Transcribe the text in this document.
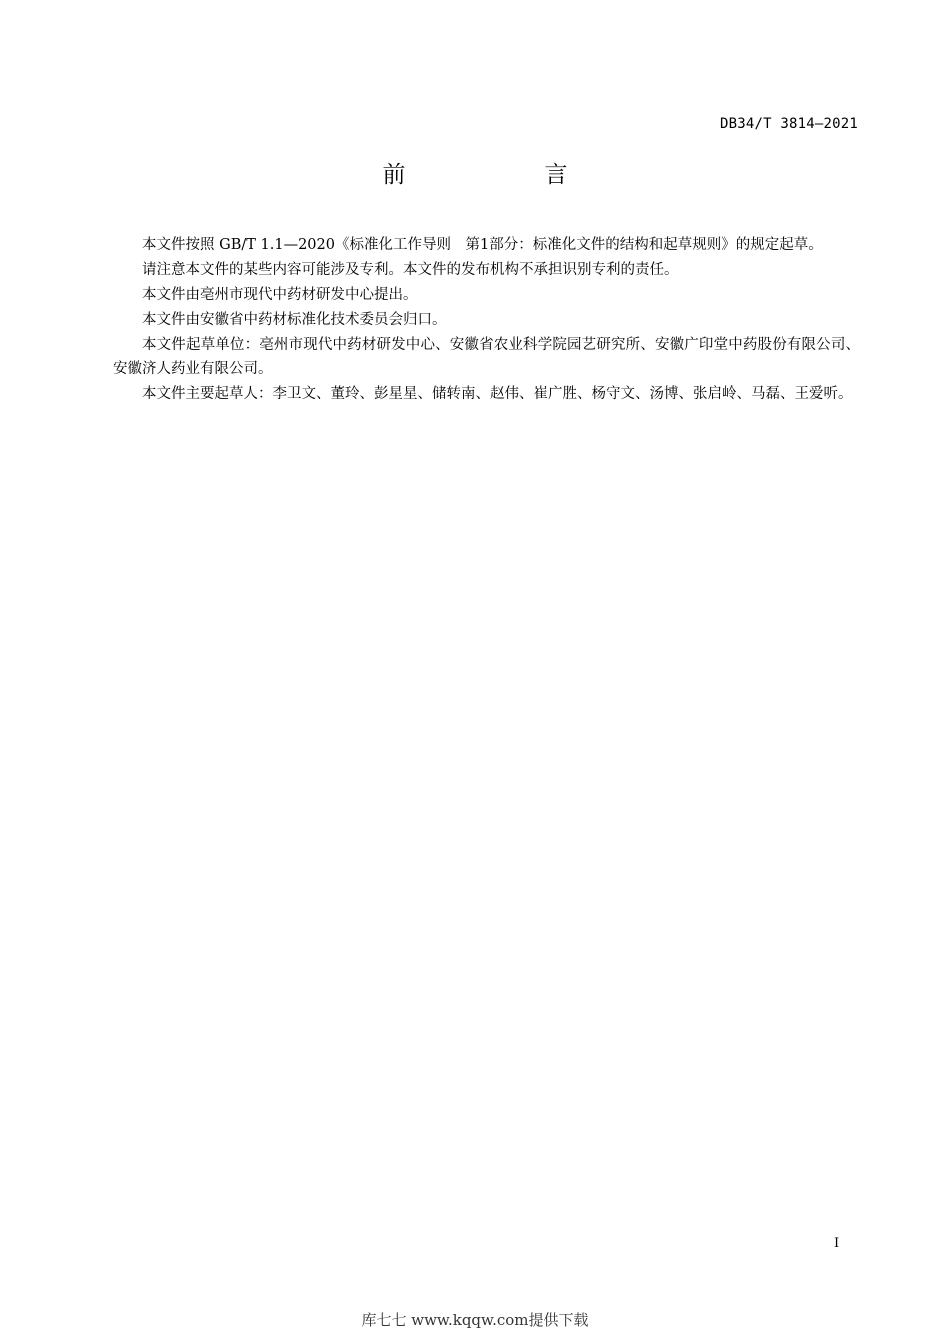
DB34/T 3814—2021
前　言

本文件按照 GB/T 1.1—2020《标准化工作导则　第1部分：标准化文件的结构和起草规则》的规定起草。

请注意本文件的某些内容可能涉及专利。本文件的发布机构不承担识别专利的责任。

本文件由亳州市现代中药材研发中心提出。

本文件由安徽省中药材标准化技术委员会归口。

本文件起草单位：亳州市现代中药材研发中心、安徽省农业科学院园艺研究所、安徽广印堂中药股份有限公司、安徽济人药业有限公司。

本文件主要起草人：李卫文、董玲、彭星星、储转南、赵伟、崔广胜、杨守文、汤博、张启岭、马磊、王爱听。

I
库七七 www.kqqw.com提供下载
